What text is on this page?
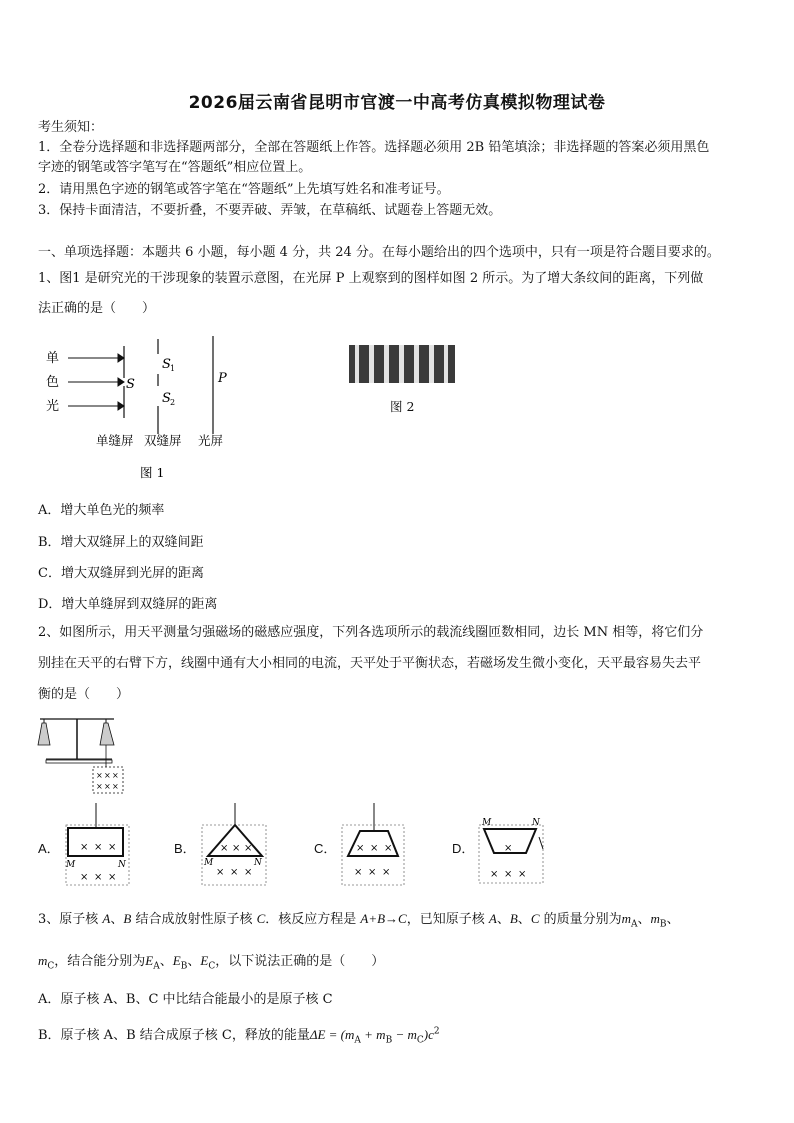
2026届云南省昆明市官渡一中高考仿真模拟物理试卷
考生须知：
1．全卷分选择题和非选择题两部分，全部在答题纸上作答。选择题必须用 2B 铅笔填涂；非选择题的答案必须用黑色
字迹的钢笔或答字笔写在“答题纸”相应位置上。
2．请用黑色字迹的钢笔或答字笔在“答题纸”上先填写姓名和准考证号。
3．保持卡面清洁，不要折叠，不要弄破、弄皱，在草稿纸、试题卷上答题无效。
一、单项选择题：本题共 6 小题，每小题 4 分，共 24 分。在每小题给出的四个选项中，只有一项是符合题目要求的。
1、图1 是研究光的干涉现象的装置示意图，在光屏 P 上观察到的图样如图 2 所示。为了增大条纹间的距离，下列做
法正确的是（　　）
单
色
光
S
S 1
S 2
P
单缝屏 双缝屏 光屏
图 1
图 2
A．增大单色光的频率
B．增大双缝屏上的双缝间距
C．增大双缝屏到光屏的距离
D．增大单缝屏到双缝屏的距离
2、如图所示，用天平测量匀强磁场的磁感应强度，下列各选项所示的载流线圈匝数相同，边长 MN 相等，将它们分
别挂在天平的右臂下方，线圈中通有大小相同的电流，天平处于平衡状态，若磁场发生微小变化，天平最容易失去平
衡的是（　　）
× × ×
× × ×
A． × × ×
× × ×
M	N
B． × × ×
× × ×
M	N
C． × × ×
× × ×
D．	×
× × ×
M	N
3、原子核 A、B 结合成放射性原子核 C．核反应方程是 A+B→C，已知原子核 A、B、C 的质量分别为$m_A$、$m_B$、
$m_C$，结合能分别为$E_A$、$E_B$、$E_C$，以下说法正确的是（　　）
A．原子核 A、B、C 中比结合能最小的是原子核 C
B．原子核 A、B 结合成原子核 C，释放的能量$\Delta E = (m_A + m_B - m_C)c^2$
